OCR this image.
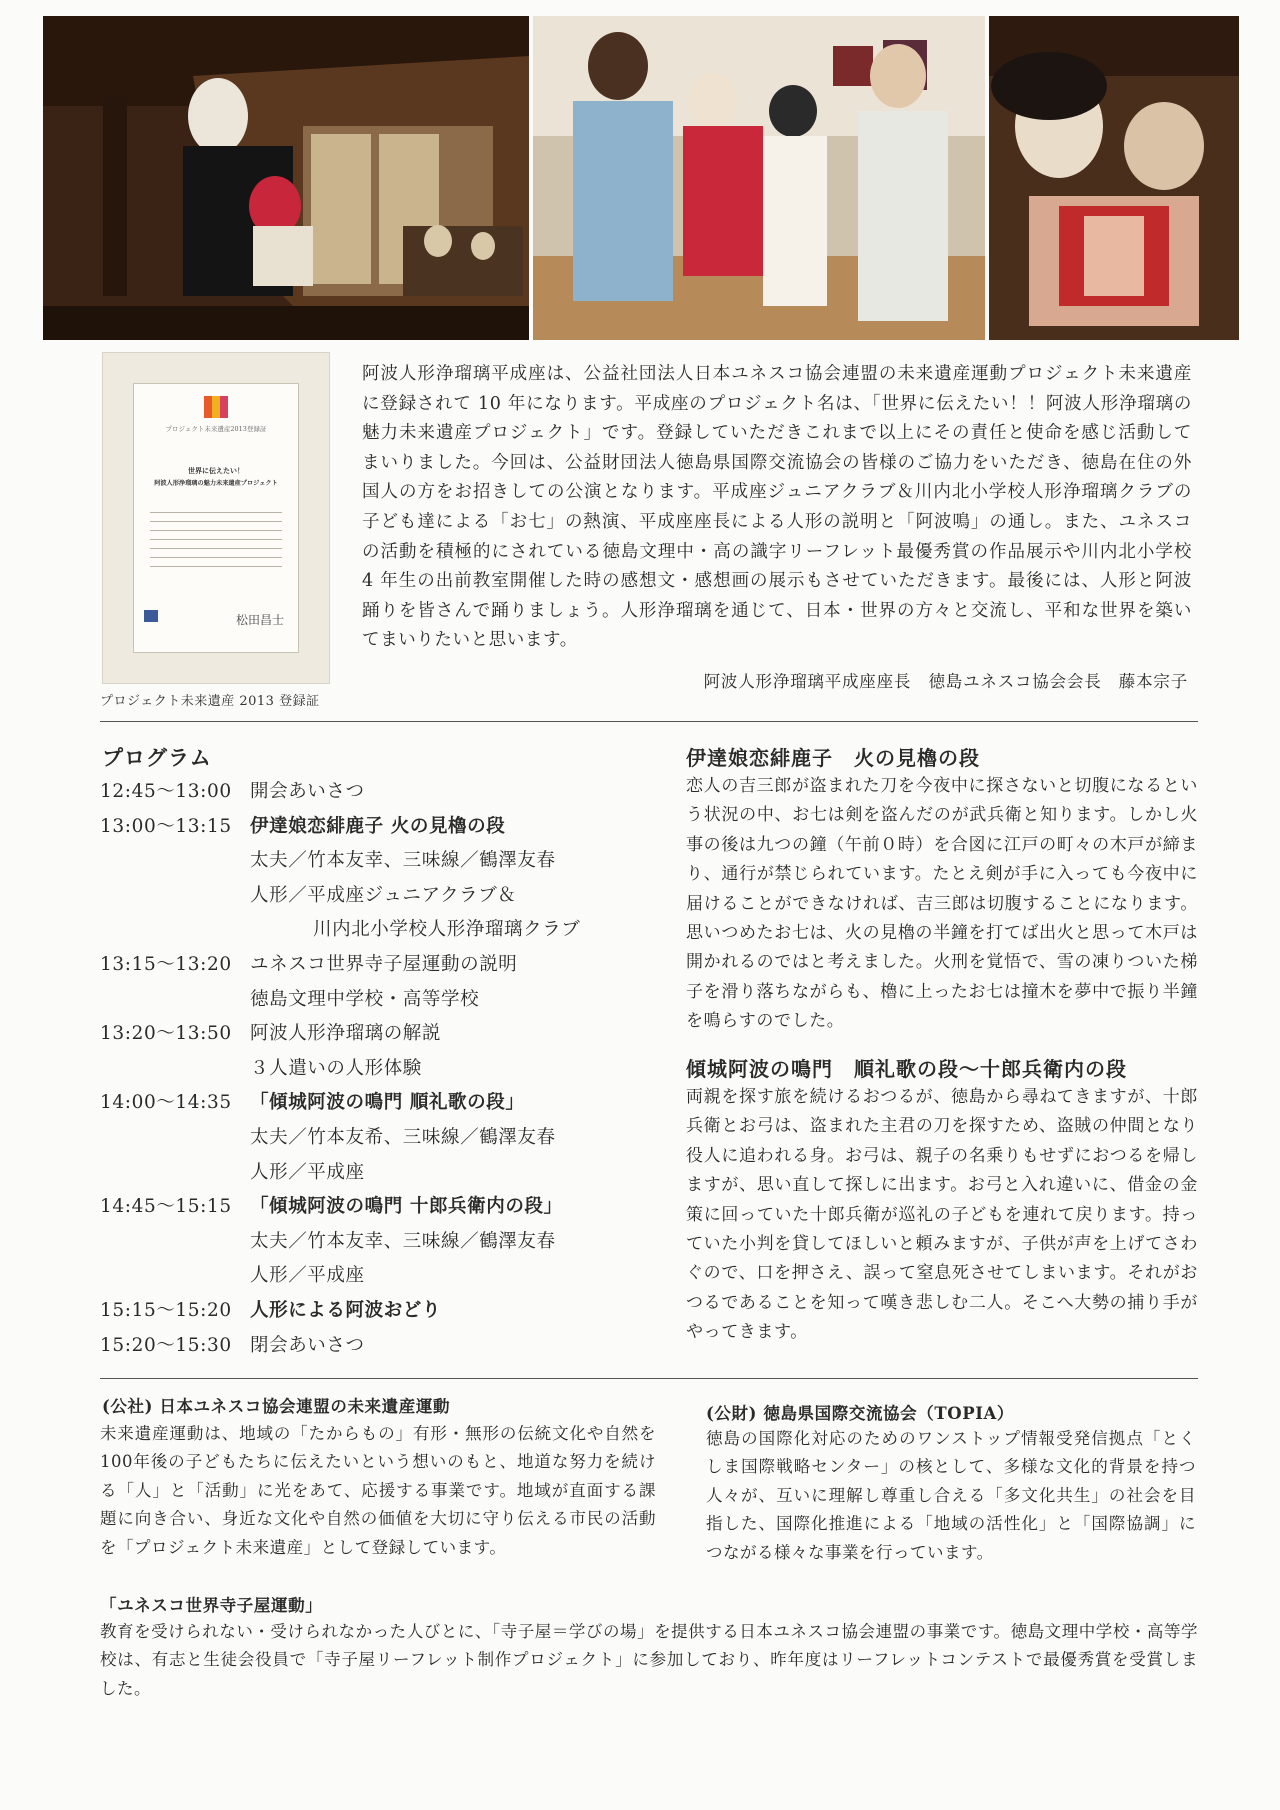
プロジェクト未来遺産2013登録証
世界に伝えたい！
阿波人形浄瑠璃の魅力未来遺産プロジェクト
松田昌士
プロジェクト未来遺産 2013 登録証
阿波人形浄瑠璃平成座は、公益社団法人日本ユネスコ協会連盟の未来遺産運動プロジェクト未来遺産に登録されて 10 年になります。平成座のプロジェクト名は、「世界に伝えたい！！阿波人形浄瑠璃の魅力未来遺産プロジェクト」です。登録していただきこれまで以上にその責任と使命を感じ活動してまいりました。今回は、公益財団法人徳島県国際交流協会の皆様のご協力をいただき、徳島在住の外国人の方をお招きしての公演となります。平成座ジュニアクラブ＆川内北小学校人形浄瑠璃クラブの子ども達による「お七」の熱演、平成座座長による人形の説明と「阿波鳴」の通し。また、ユネスコの活動を積極的にされている徳島文理中・高の識字リーフレット最優秀賞の作品展示や川内北小学校 4 年生の出前教室開催した時の感想文・感想画の展示もさせていただきます。最後には、人形と阿波踊りを皆さんで踊りましょう。人形浄瑠璃を通じて、日本・世界の方々と交流し、平和な世界を築いてまいりたいと思います。
阿波人形浄瑠璃平成座座長　徳島ユネスコ協会会長　藤本宗子
プログラム
12:45〜13:00 開会あいさつ
13:00〜13:15 伊達娘恋緋鹿子 火の見櫓の段
太夫／竹本友幸、三味線／鶴澤友春
人形／平成座ジュニアクラブ＆
川内北小学校人形浄瑠璃クラブ
13:15〜13:20 ユネスコ世界寺子屋運動の説明
徳島文理中学校・高等学校
13:20〜13:50 阿波人形浄瑠璃の解説
３人遣いの人形体験
14:00〜14:35 「傾城阿波の鳴門 順礼歌の段」
太夫／竹本友希、三味線／鶴澤友春
人形／平成座
14:45〜15:15 「傾城阿波の鳴門 十郎兵衛内の段」
太夫／竹本友幸、三味線／鶴澤友春
人形／平成座
15:15〜15:20 人形による阿波おどり
15:20〜15:30 閉会あいさつ
伊達娘恋緋鹿子　火の見櫓の段
恋人の吉三郎が盗まれた刀を今夜中に探さないと切腹になるという状況の中、お七は剣を盗んだのが武兵衛と知ります。しかし火事の後は九つの鐘（午前０時）を合図に江戸の町々の木戸が締まり、通行が禁じられています。たとえ剣が手に入っても今夜中に届けることができなければ、吉三郎は切腹することになります。思いつめたお七は、火の見櫓の半鐘を打てば出火と思って木戸は開かれるのではと考えました。火刑を覚悟で、雪の凍りついた梯子を滑り落ちながらも、櫓に上ったお七は撞木を夢中で振り半鐘を鳴らすのでした。
傾城阿波の鳴門　順礼歌の段〜十郎兵衛内の段
両親を探す旅を続けるおつるが、徳島から尋ねてきますが、十郎兵衛とお弓は、盗まれた主君の刀を探すため、盗賊の仲間となり役人に追われる身。お弓は、親子の名乗りもせずにおつるを帰しますが、思い直して探しに出ます。お弓と入れ違いに、借金の金策に回っていた十郎兵衛が巡礼の子どもを連れて戻ります。持っていた小判を貸してほしいと頼みますが、子供が声を上げてさわぐので、口を押さえ、誤って窒息死させてしまいます。それがおつるであることを知って嘆き悲しむ二人。そこへ大勢の捕り手がやってきます。
(公社) 日本ユネスコ協会連盟の未来遺産運動
未来遺産運動は、地域の「たからもの」有形・無形の伝統文化や自然を100年後の子どもたちに伝えたいという想いのもと、地道な努力を続ける「人」と「活動」に光をあて、応援する事業です。地域が直面する課題に向き合い、身近な文化や自然の価値を大切に守り伝える市民の活動を「プロジェクト未来遺産」として登録しています。
(公財) 徳島県国際交流協会（TOPIA）
徳島の国際化対応のためのワンストップ情報受発信拠点「とくしま国際戦略センター」の核として、多様な文化的背景を持つ人々が、互いに理解し尊重し合える「多文化共生」の社会を目指した、国際化推進による「地域の活性化」と「国際協調」につながる様々な事業を行っています。
「ユネスコ世界寺子屋運動」
教育を受けられない・受けられなかった人びとに、「寺子屋＝学びの場」を提供する日本ユネスコ協会連盟の事業です。徳島文理中学校・高等学校は、有志と生徒会役員で「寺子屋リーフレット制作プロジェクト」に参加しており、昨年度はリーフレットコンテストで最優秀賞を受賞しました。
